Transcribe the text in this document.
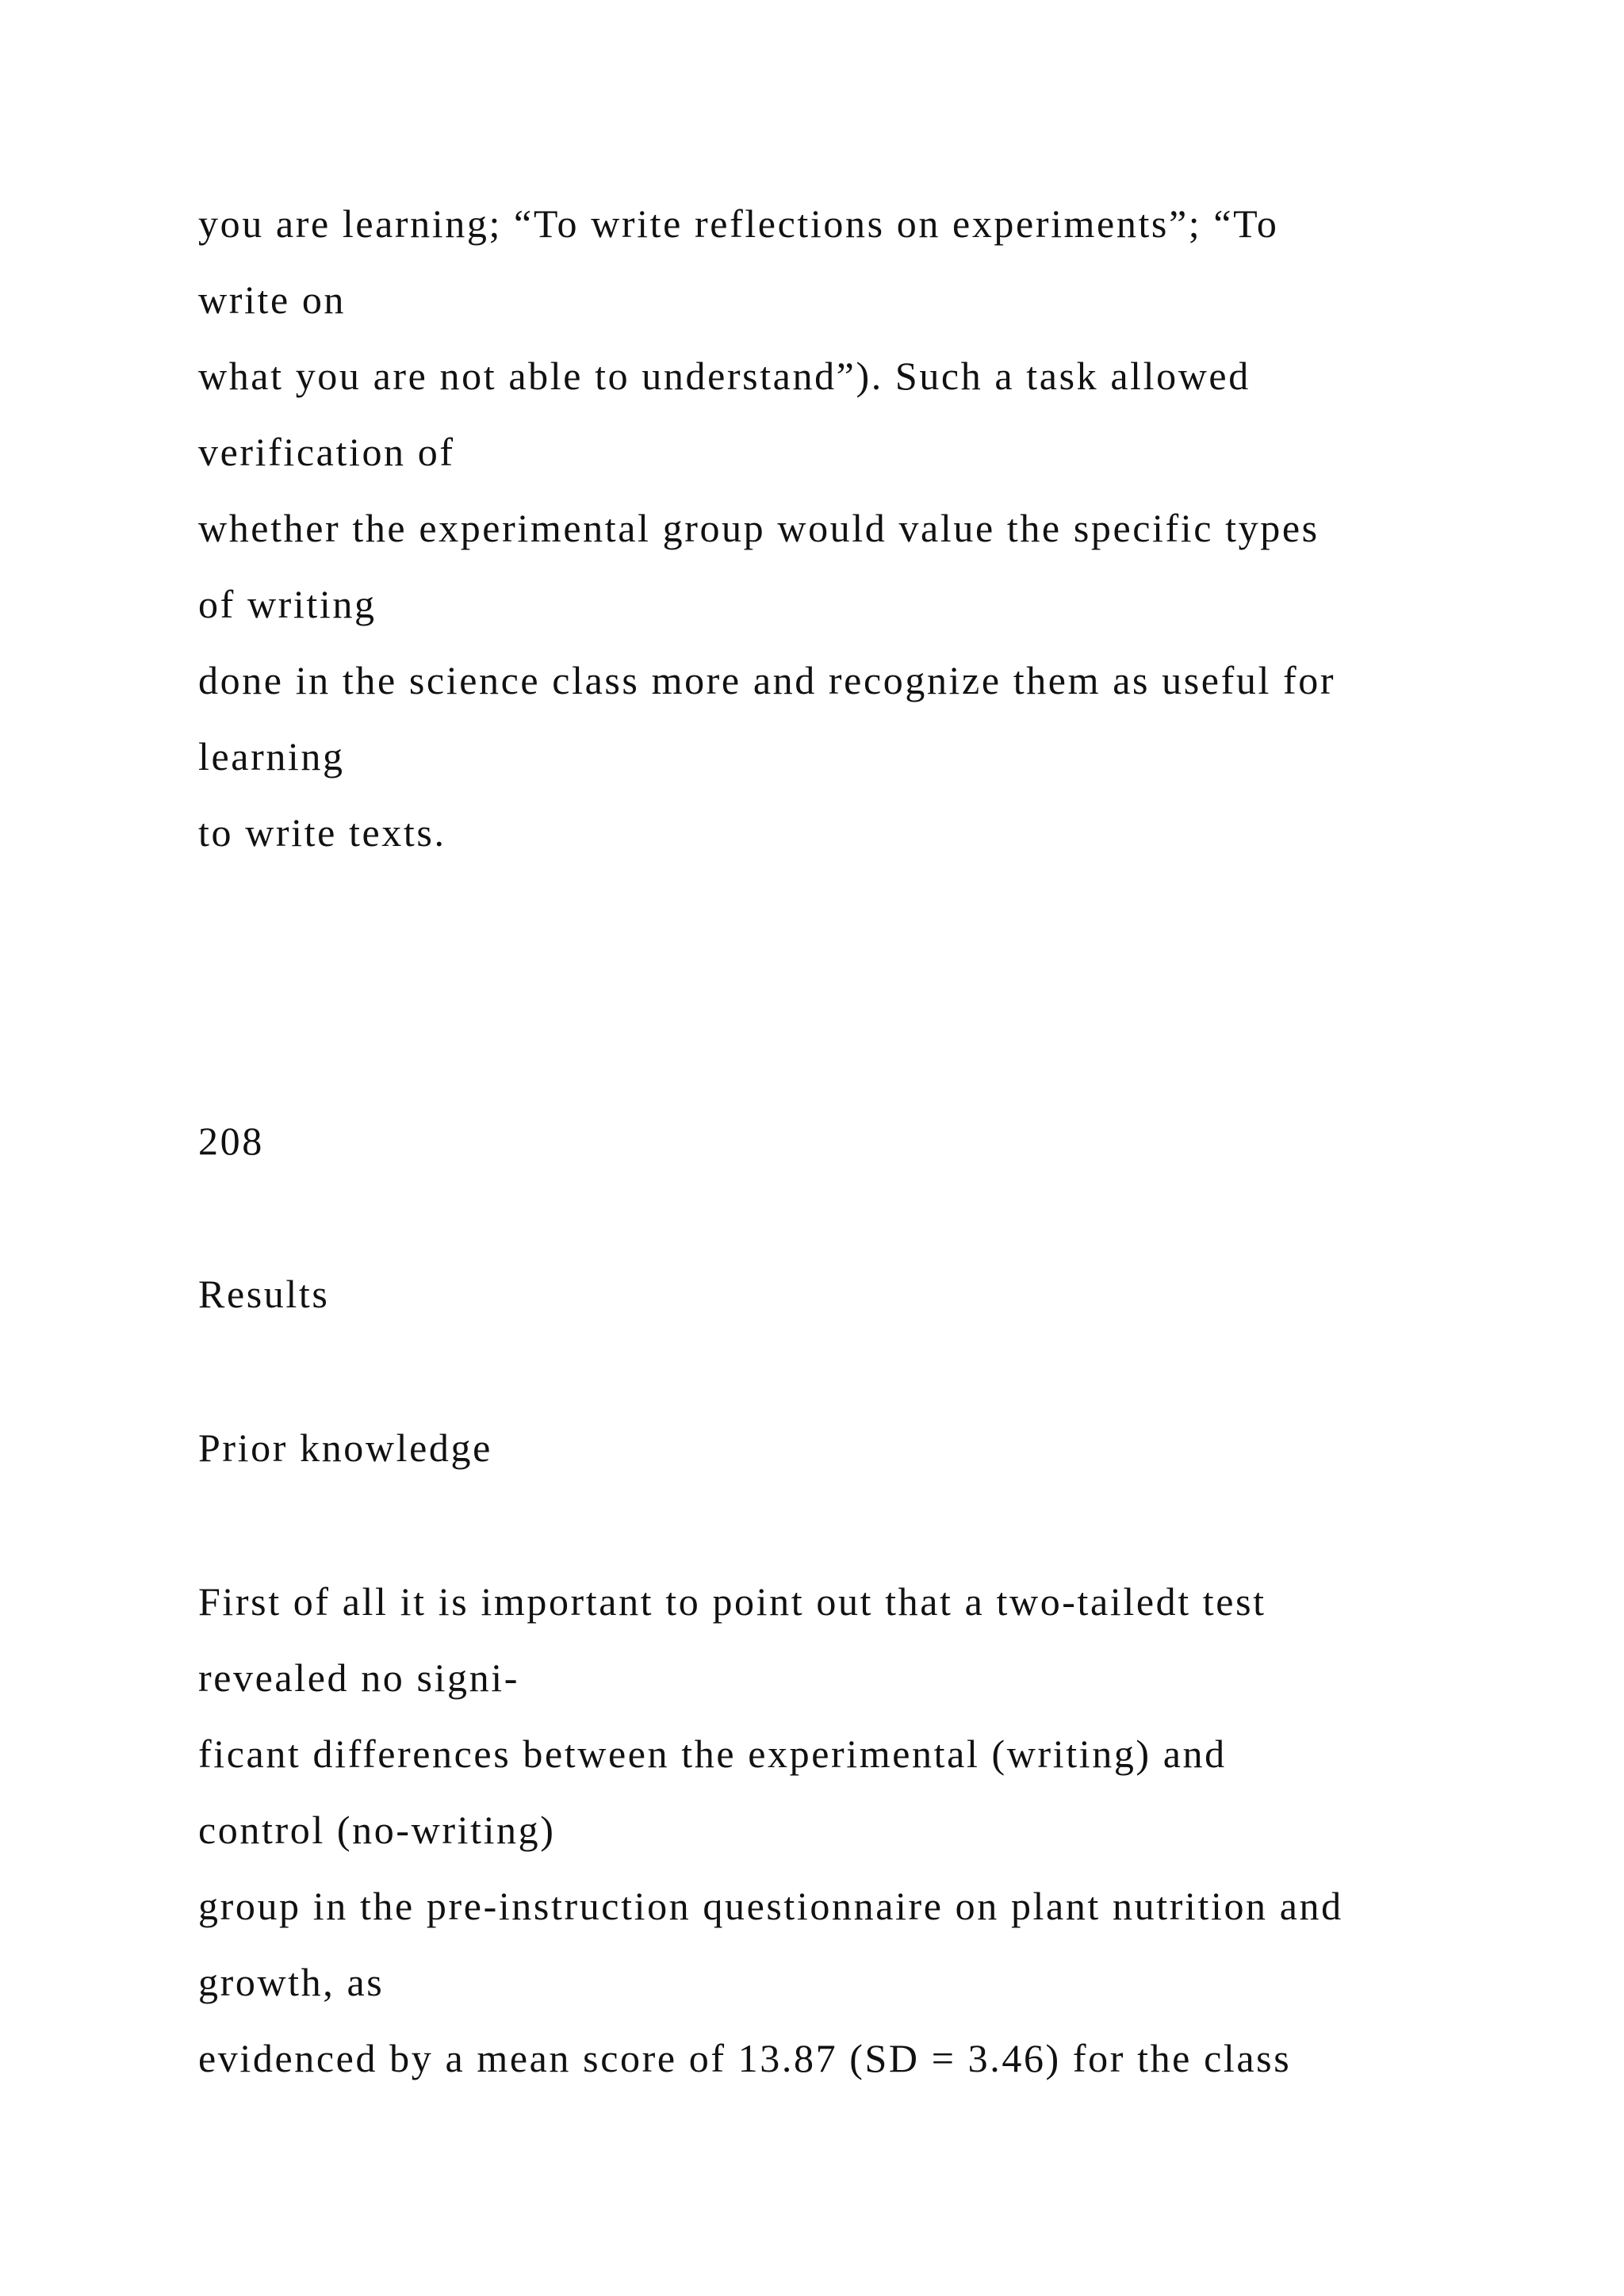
you are learning; “To write reflections on experiments”; “To

write on

what you are not able to understand”). Such a task allowed

verification of

whether the experimental group would value the specific types

of writing

done in the science class more and recognize them as useful for

learning

to write texts.

208

Results

Prior knowledge

First of all it is important to point out that a two-tailedt test

revealed no signi-

ficant differences between the experimental (writing) and

control (no-writing)

group in the pre-instruction questionnaire on plant nutrition and

growth, as

evidenced by a mean score of 13.87 (SD = 3.46) for the class
